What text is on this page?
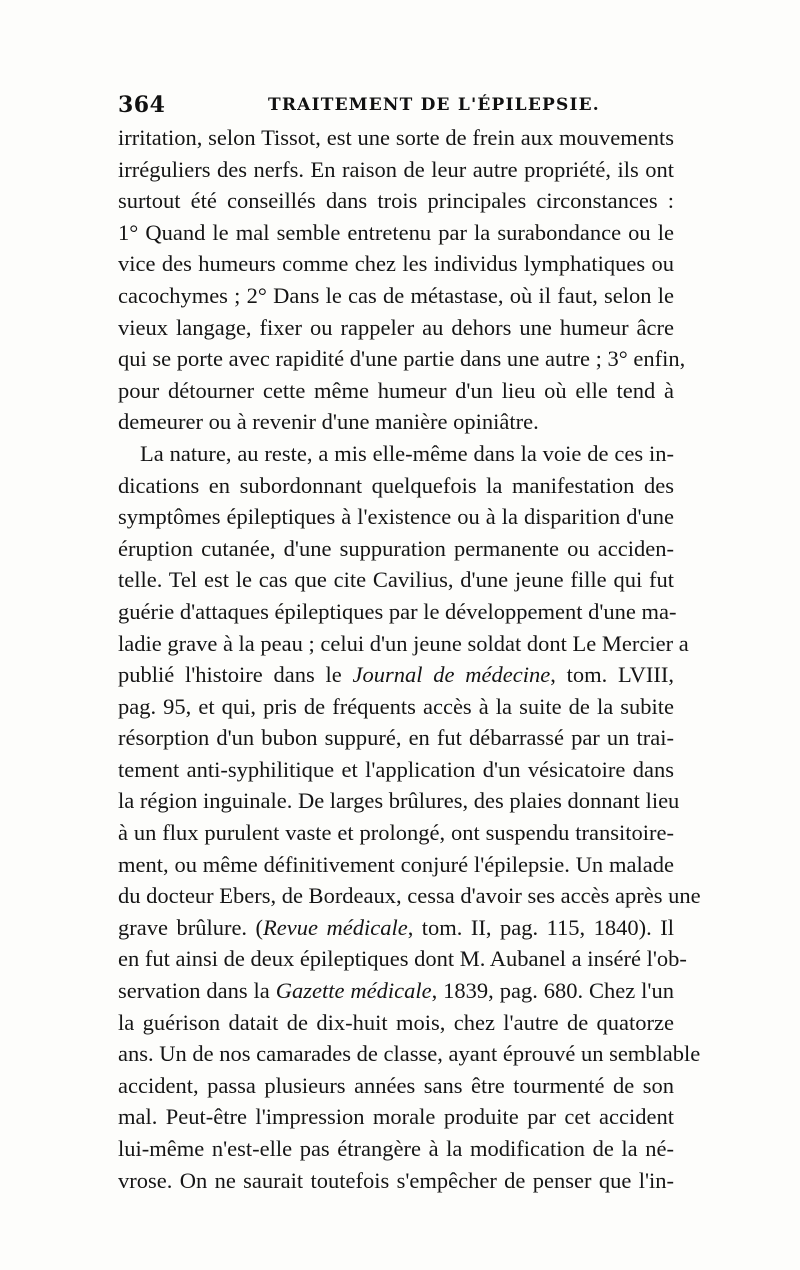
364	TRAITEMENT DE L'ÉPILEPSIE.
irritation, selon Tissot, est une sorte de frein aux mouvements
irréguliers des nerfs. En raison de leur autre propriété, ils ont
surtout été conseillés dans trois principales circonstances :
1° Quand le mal semble entretenu par la surabondance ou le
vice des humeurs comme chez les individus lymphatiques ou
cacochymes ; 2° Dans le cas de métastase, où il faut, selon le
vieux langage, fixer ou rappeler au dehors une humeur âcre
qui se porte avec rapidité d'une partie dans une autre ; 3° enfin,
pour détourner cette même humeur d'un lieu où elle tend à
demeurer ou à revenir d'une manière opiniâtre.
La nature, au reste, a mis elle-même dans la voie de ces in-
dications en subordonnant quelquefois la manifestation des
symptômes épileptiques à l'existence ou à la disparition d'une
éruption cutanée, d'une suppuration permanente ou acciden-
telle. Tel est le cas que cite Cavilius, d'une jeune fille qui fut
guérie d'attaques épileptiques par le développement d'une ma-
ladie grave à la peau ; celui d'un jeune soldat dont Le Mercier a
publié l'histoire dans le Journal de médecine, tom. LVIII,
pag. 95, et qui, pris de fréquents accès à la suite de la subite
résorption d'un bubon suppuré, en fut débarrassé par un trai-
tement anti-syphilitique et l'application d'un vésicatoire dans
la région inguinale. De larges brûlures, des plaies donnant lieu
à un flux purulent vaste et prolongé, ont suspendu transitoire-
ment, ou même définitivement conjuré l'épilepsie. Un malade
du docteur Ebers, de Bordeaux, cessa d'avoir ses accès après une
grave brûlure. (Revue médicale, tom. II, pag. 115, 1840). Il
en fut ainsi de deux épileptiques dont M. Aubanel a inséré l'ob-
servation dans la Gazette médicale, 1839, pag. 680. Chez l'un
la guérison datait de dix-huit mois, chez l'autre de quatorze
ans. Un de nos camarades de classe, ayant éprouvé un semblable
accident, passa plusieurs années sans être tourmenté de son
mal. Peut-être l'impression morale produite par cet accident
lui-même n'est-elle pas étrangère à la modification de la né-
vrose. On ne saurait toutefois s'empêcher de penser que l'in-
